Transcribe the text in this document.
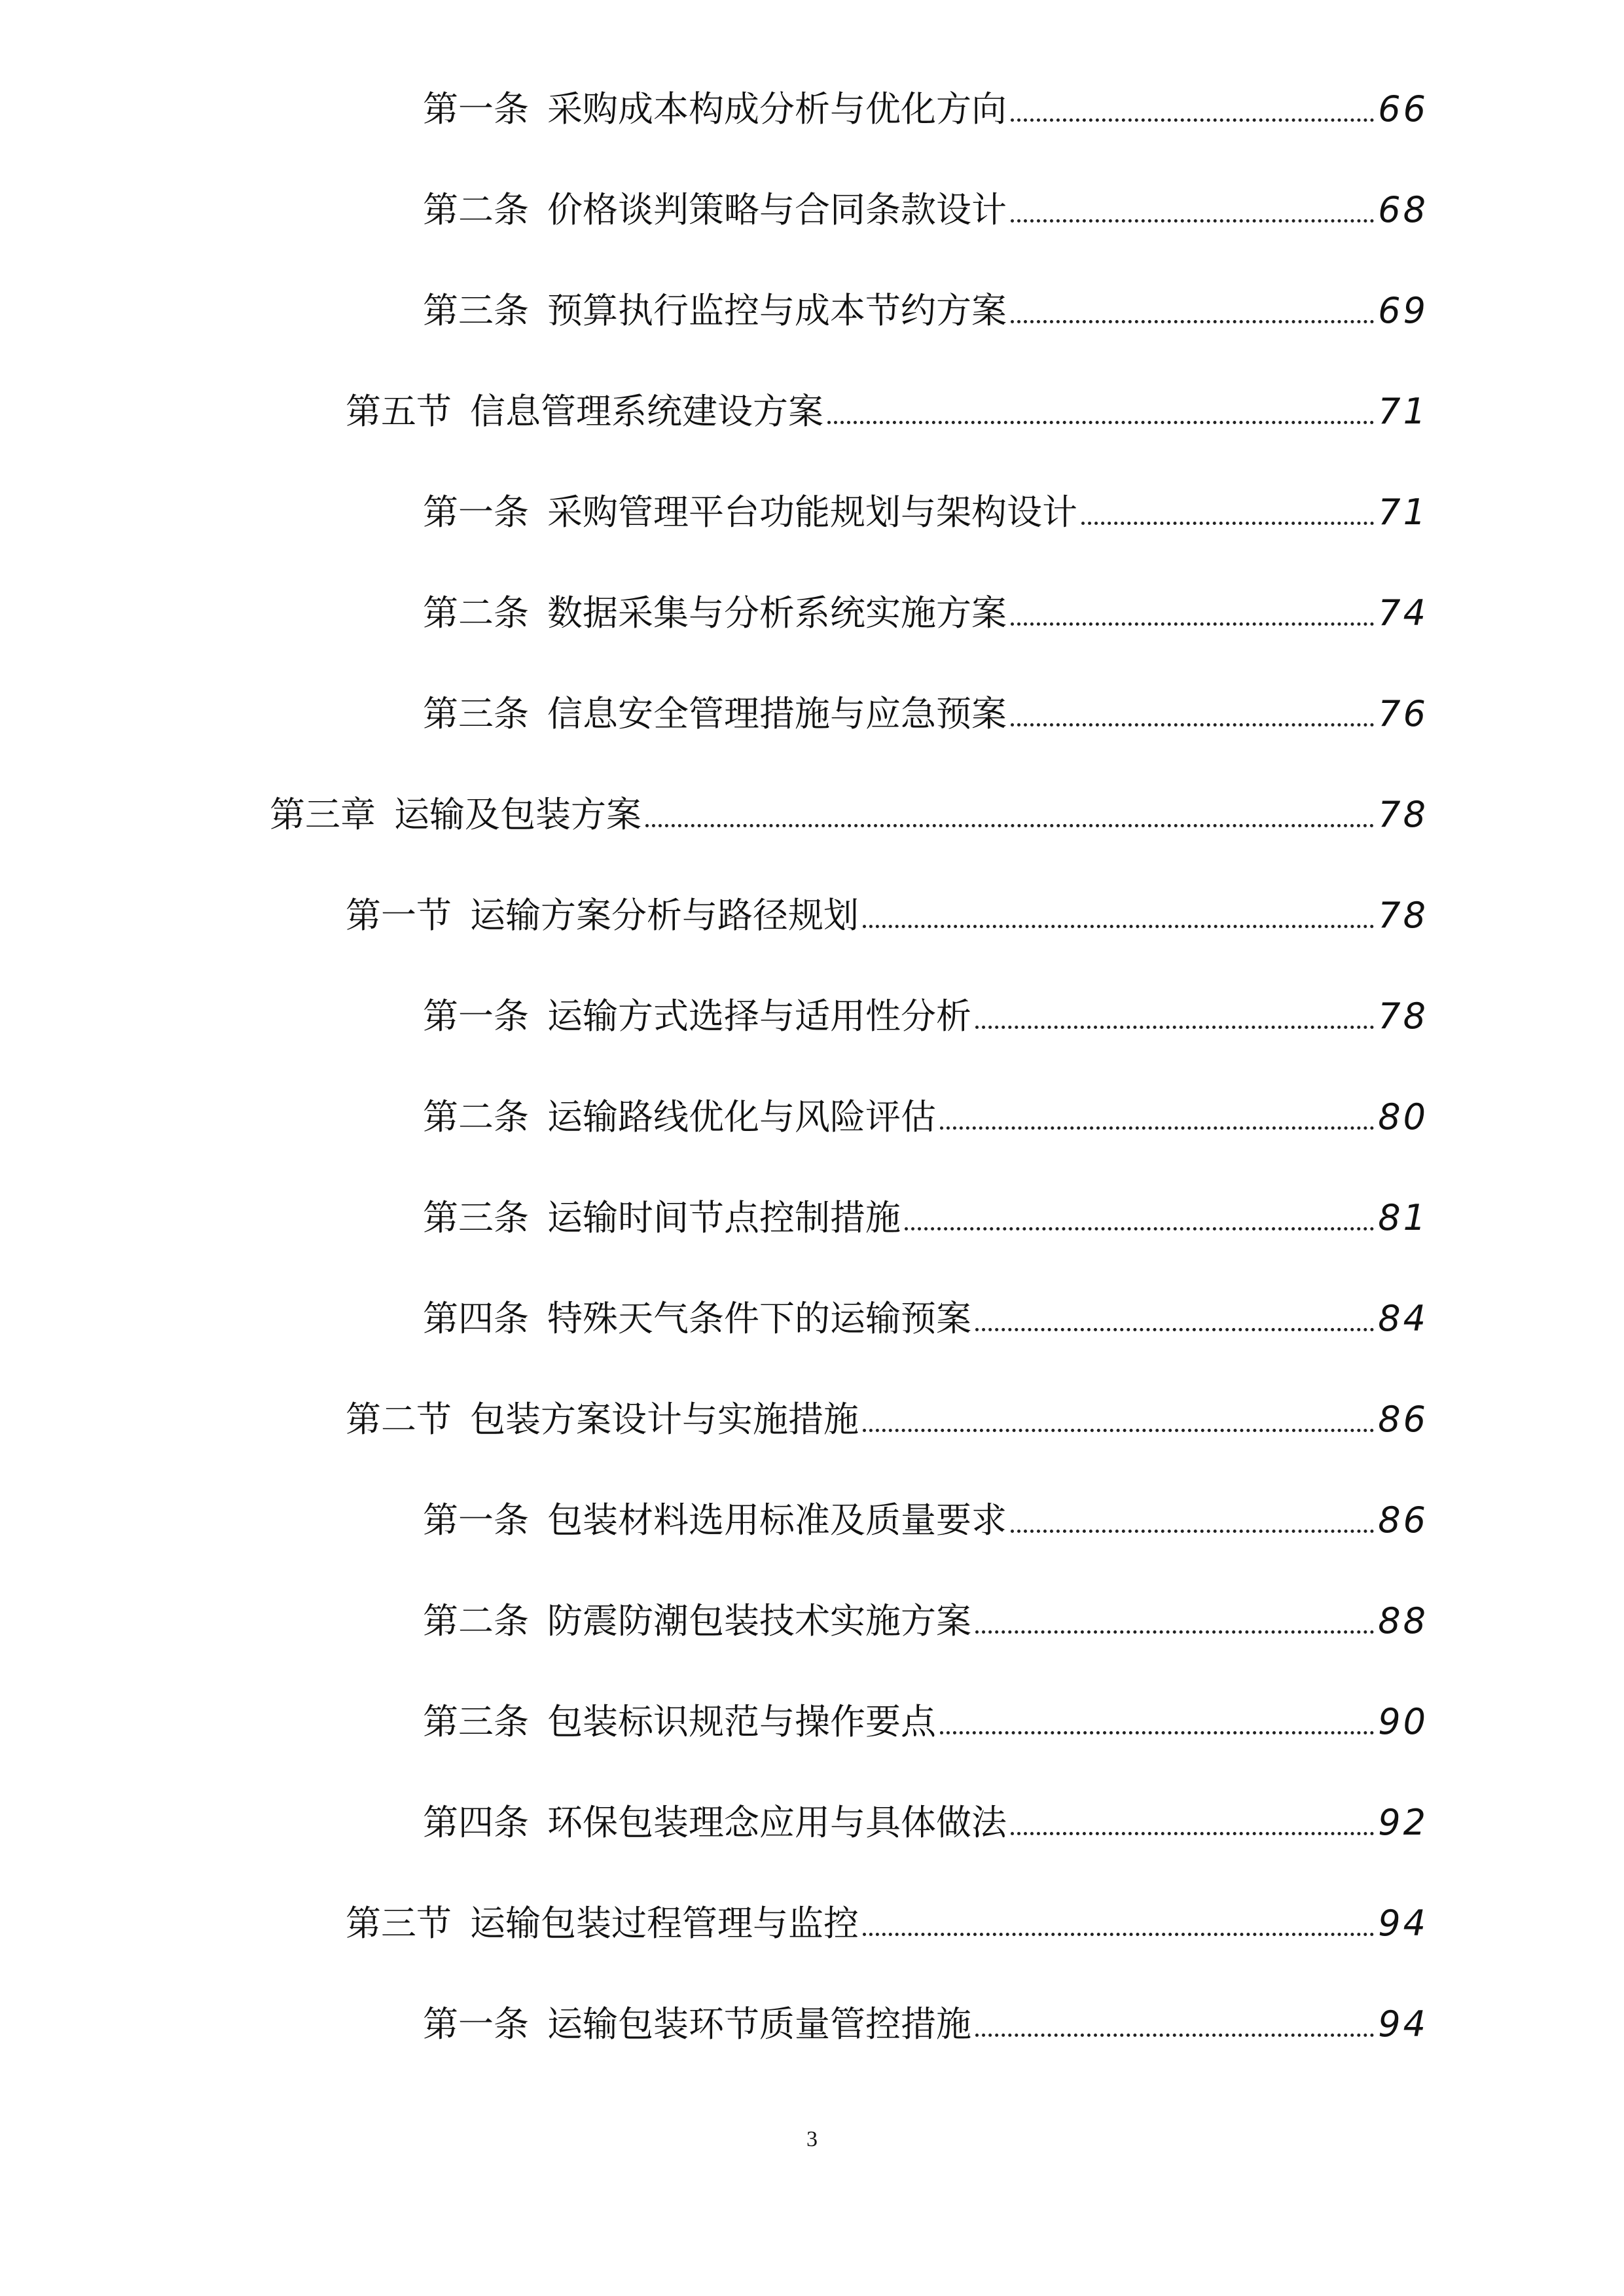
第一条 采购成本构成分析与优化方向	66
第二条 价格谈判策略与合同条款设计	68
第三条 预算执行监控与成本节约方案	69
第五节 信息管理系统建设方案	71
第一条 采购管理平台功能规划与架构设计	71
第二条 数据采集与分析系统实施方案	74
第三条 信息安全管理措施与应急预案	76
第三章 运输及包装方案	78
第一节 运输方案分析与路径规划	78
第一条 运输方式选择与适用性分析	78
第二条 运输路线优化与风险评估	80
第三条 运输时间节点控制措施	81
第四条 特殊天气条件下的运输预案	84
第二节 包装方案设计与实施措施	86
第一条 包装材料选用标准及质量要求	86
第二条 防震防潮包装技术实施方案	88
第三条 包装标识规范与操作要点	90
第四条 环保包装理念应用与具体做法	92
第三节 运输包装过程管理与监控	94
第一条 运输包装环节质量管控措施	94
3
